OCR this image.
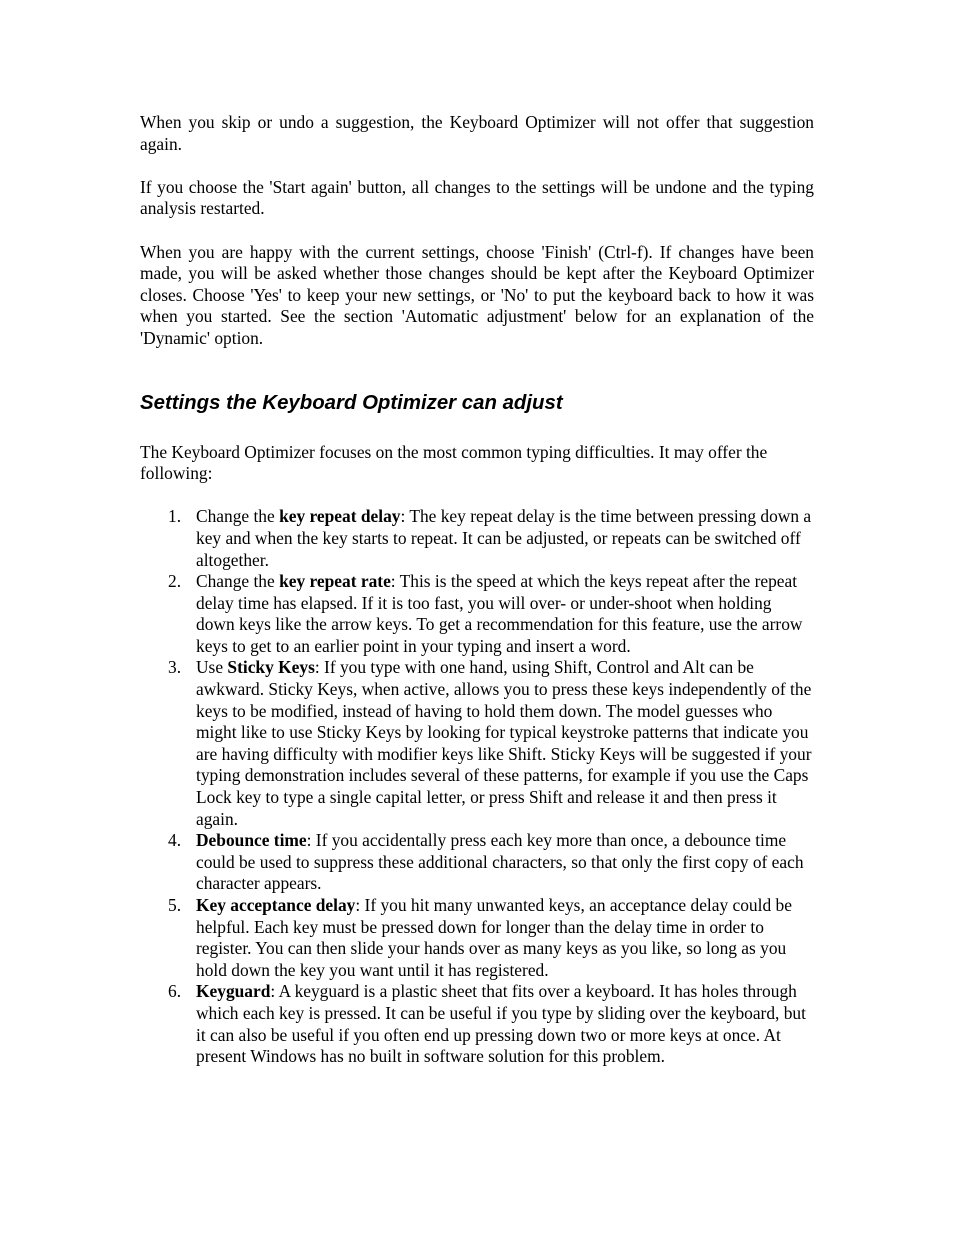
When you skip or undo a suggestion, the Keyboard Optimizer will not offer that suggestion again.

If you choose the 'Start again' button, all changes to the settings will be undone and the typing analysis restarted.

When you are happy with the current settings, choose 'Finish' (Ctrl-f). If changes have been made, you will be asked whether those changes should be kept after the Keyboard Optimizer closes. Choose 'Yes' to keep your new settings, or 'No' to put the keyboard back to how it was when you started. See the section 'Automatic adjustment' below for an explanation of the 'Dynamic' option.

Settings the Keyboard Optimizer can adjust

The Keyboard Optimizer focuses on the most common typing difficulties. It may offer the following:

1. Change the key repeat delay: The key repeat delay is the time between pressing down a key and when the key starts to repeat. It can be adjusted, or repeats can be switched off altogether.
2. Change the key repeat rate: This is the speed at which the keys repeat after the repeat delay time has elapsed. If it is too fast, you will over- or under-shoot when holding down keys like the arrow keys. To get a recommendation for this feature, use the arrow keys to get to an earlier point in your typing and insert a word.
3. Use Sticky Keys: If you type with one hand, using Shift, Control and Alt can be awkward. Sticky Keys, when active, allows you to press these keys independently of the keys to be modified, instead of having to hold them down. The model guesses who might like to use Sticky Keys by looking for typical keystroke patterns that indicate you are having difficulty with modifier keys like Shift. Sticky Keys will be suggested if your typing demonstration includes several of these patterns, for example if you use the Caps Lock key to type a single capital letter, or press Shift and release it and then press it again.
4. Debounce time: If you accidentally press each key more than once, a debounce time could be used to suppress these additional characters, so that only the first copy of each character appears.
5. Key acceptance delay: If you hit many unwanted keys, an acceptance delay could be helpful. Each key must be pressed down for longer than the delay time in order to register. You can then slide your hands over as many keys as you like, so long as you hold down the key you want until it has registered.
6. Keyguard: A keyguard is a plastic sheet that fits over a keyboard. It has holes through which each key is pressed. It can be useful if you type by sliding over the keyboard, but it can also be useful if you often end up pressing down two or more keys at once. At present Windows has no built in software solution for this problem.
